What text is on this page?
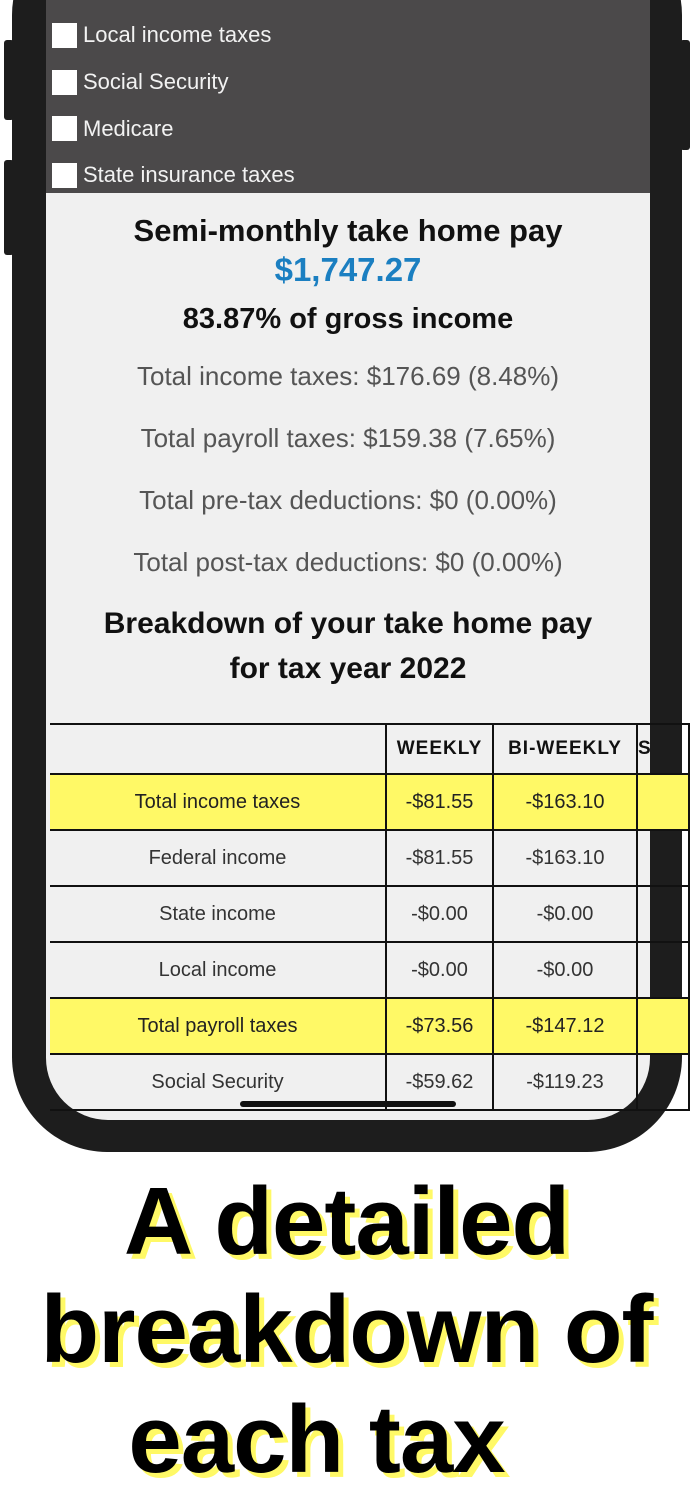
Local income taxes
Social Security
Medicare
State insurance taxes
Semi-monthly take home pay
$1,747.27
83.87% of gross income
Total income taxes: $176.69 (8.48%)
Total payroll taxes: $159.38 (7.65%)
Total pre-tax deductions: $0 (0.00%)
Total post-tax deductions: $0 (0.00%)
Breakdown of your take home pay
for tax year 2022
	WEEKLY	BI-WEEKLY	S
Total income taxes	-$81.55	-$163.10	
Federal income	-$81.55	-$163.10	
State income	-$0.00	-$0.00	
Local income	-$0.00	-$0.00	
Total payroll taxes	-$73.56	-$147.12	
Social Security	-$59.62	-$119.23	
A detailed
breakdown of
each tax
